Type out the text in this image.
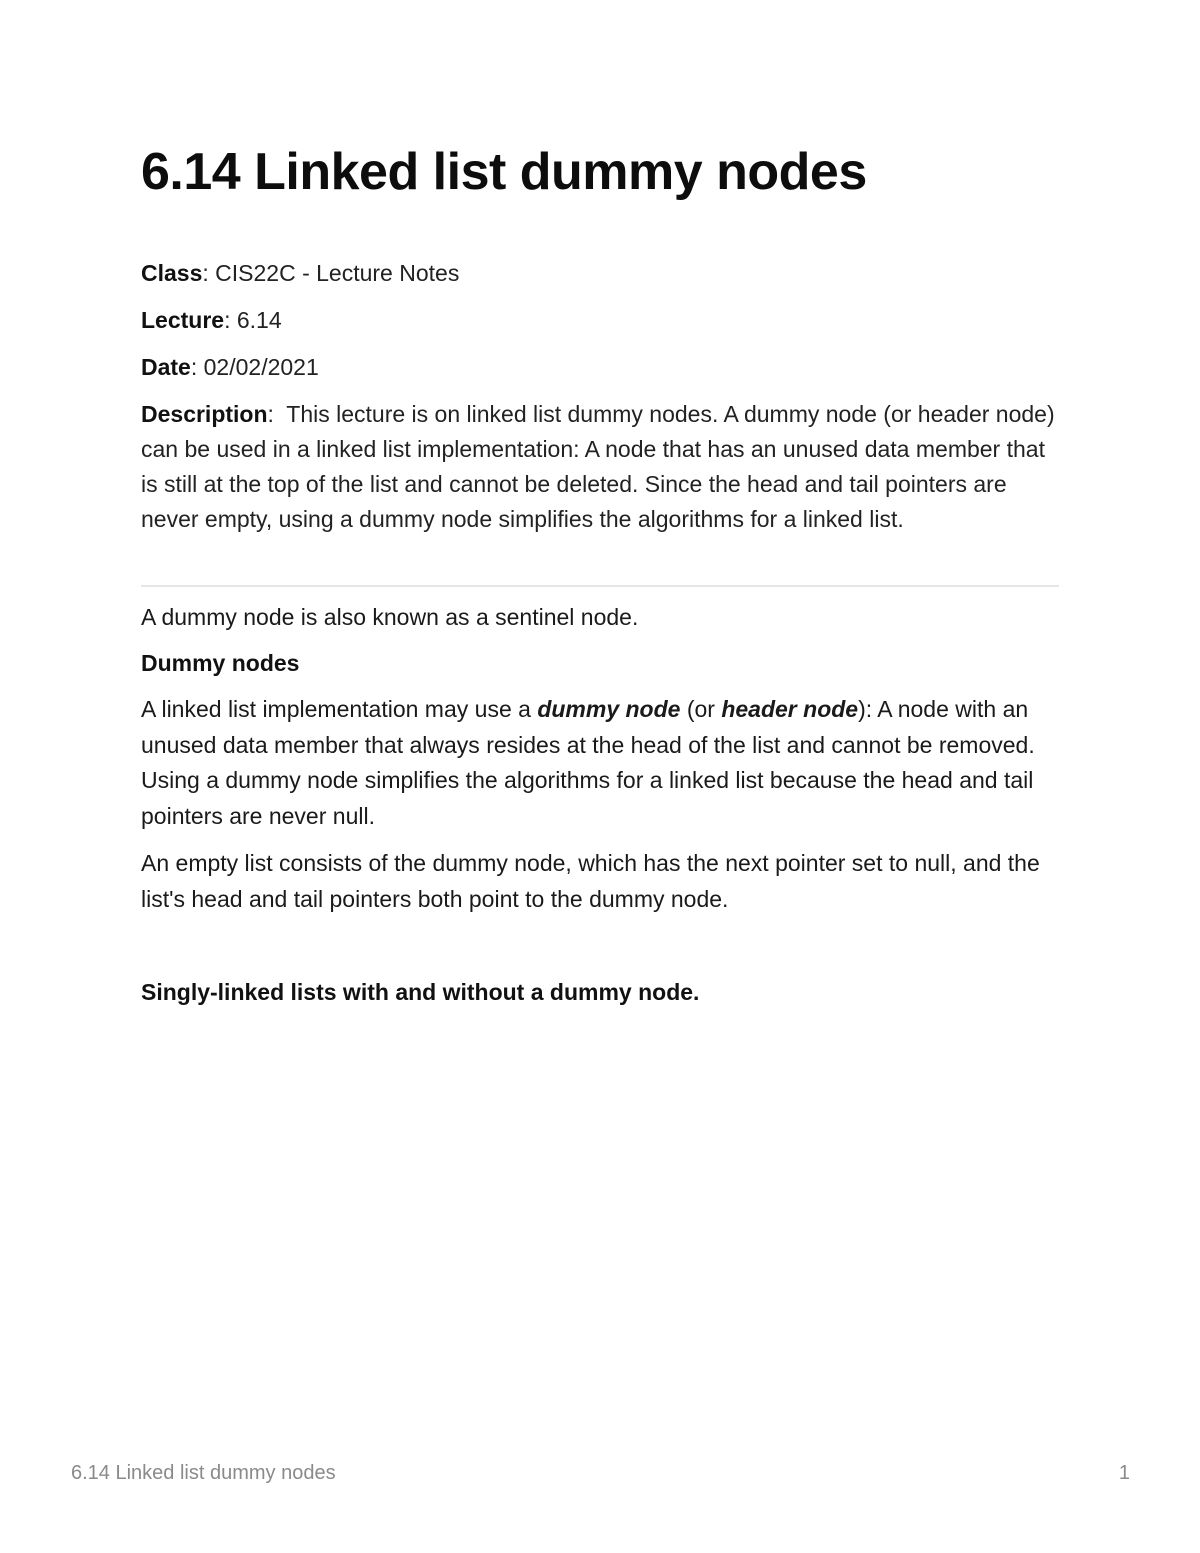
6.14 Linked list dummy nodes
Class: CIS22C - Lecture Notes
Lecture: 6.14
Date: 02/02/2021
Description:  This lecture is on linked list dummy nodes. A dummy node (or header node) can be used in a linked list implementation: A node that has an unused data member that is still at the top of the list and cannot be deleted. Since the head and tail pointers are never empty, using a dummy node simplifies the algorithms for a linked list.

A dummy node is also known as a sentinel node.

Dummy nodes

A linked list implementation may use a dummy node (or header node): A node with an unused data member that always resides at the head of the list and cannot be removed. Using a dummy node simplifies the algorithms for a linked list because the head and tail pointers are never null.

An empty list consists of the dummy node, which has the next pointer set to null, and the list's head and tail pointers both point to the dummy node.

Singly-linked lists with and without a dummy node.

6.14 Linked list dummy nodes	1
